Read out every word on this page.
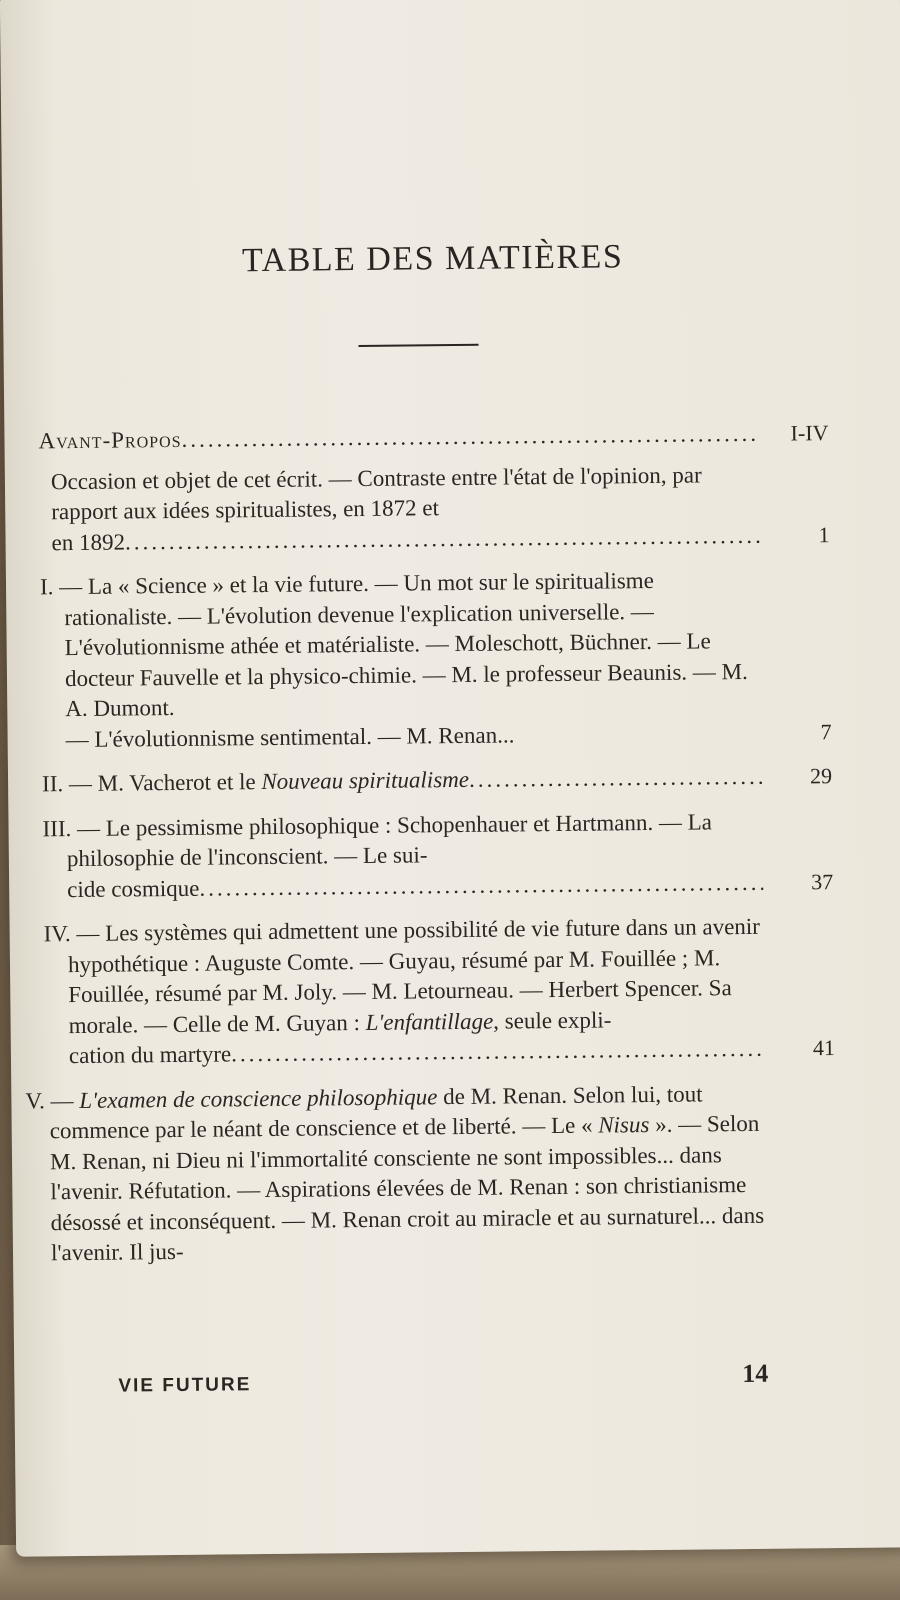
TABLE DES MATIÈRES
Avant-Propos .....	I-IV
Occasion et objet de cet écrit. — Contraste entre l'état de l'opinion, par rapport aux idées spiritualistes, en 1872 et
en 1892 .....	1
I. — La « Science » et la vie future. — Un mot sur le spiritualisme rationaliste. — L'évolution devenue l'explication universelle. — L'évolutionnisme athée et matérialiste. — Moleschott, Büchner. — Le docteur Fauvelle et la physico-chimie. — M. le professeur Beaunis. — M. A. Dumont.
— L'évolutionnisme sentimental. — M. Renan... .....	7
II. — M. Vacherot et le Nouveau spiritualisme .....	29
III. — Le pessimisme philosophique : Schopenhauer et Hartmann. — La philosophie de l'inconscient. — Le sui-
cide cosmique .....	37
IV. — Les systèmes qui admettent une possibilité de vie future dans un avenir hypothétique : Auguste Comte. — Guyau, résumé par M. Fouillée ; M. Fouillée, résumé par M. Joly. — M. Letourneau. — Herbert Spencer. Sa morale. — Celle de M. Guyan : L'enfantillage, seule expli-
cation du martyre .....	41
V. — L'examen de conscience philosophique de M. Renan. Selon lui, tout commence par le néant de conscience et de liberté. — Le « Nisus ». — Selon M. Renan, ni Dieu ni l'immortalité consciente ne sont impossibles... dans l'avenir. Réfutation. — Aspirations élevées de M. Renan : son christianisme désossé et inconséquent. — M. Renan croit au miracle et au surnaturel... dans l'avenir. Il jus-
VIE FUTURE	14
